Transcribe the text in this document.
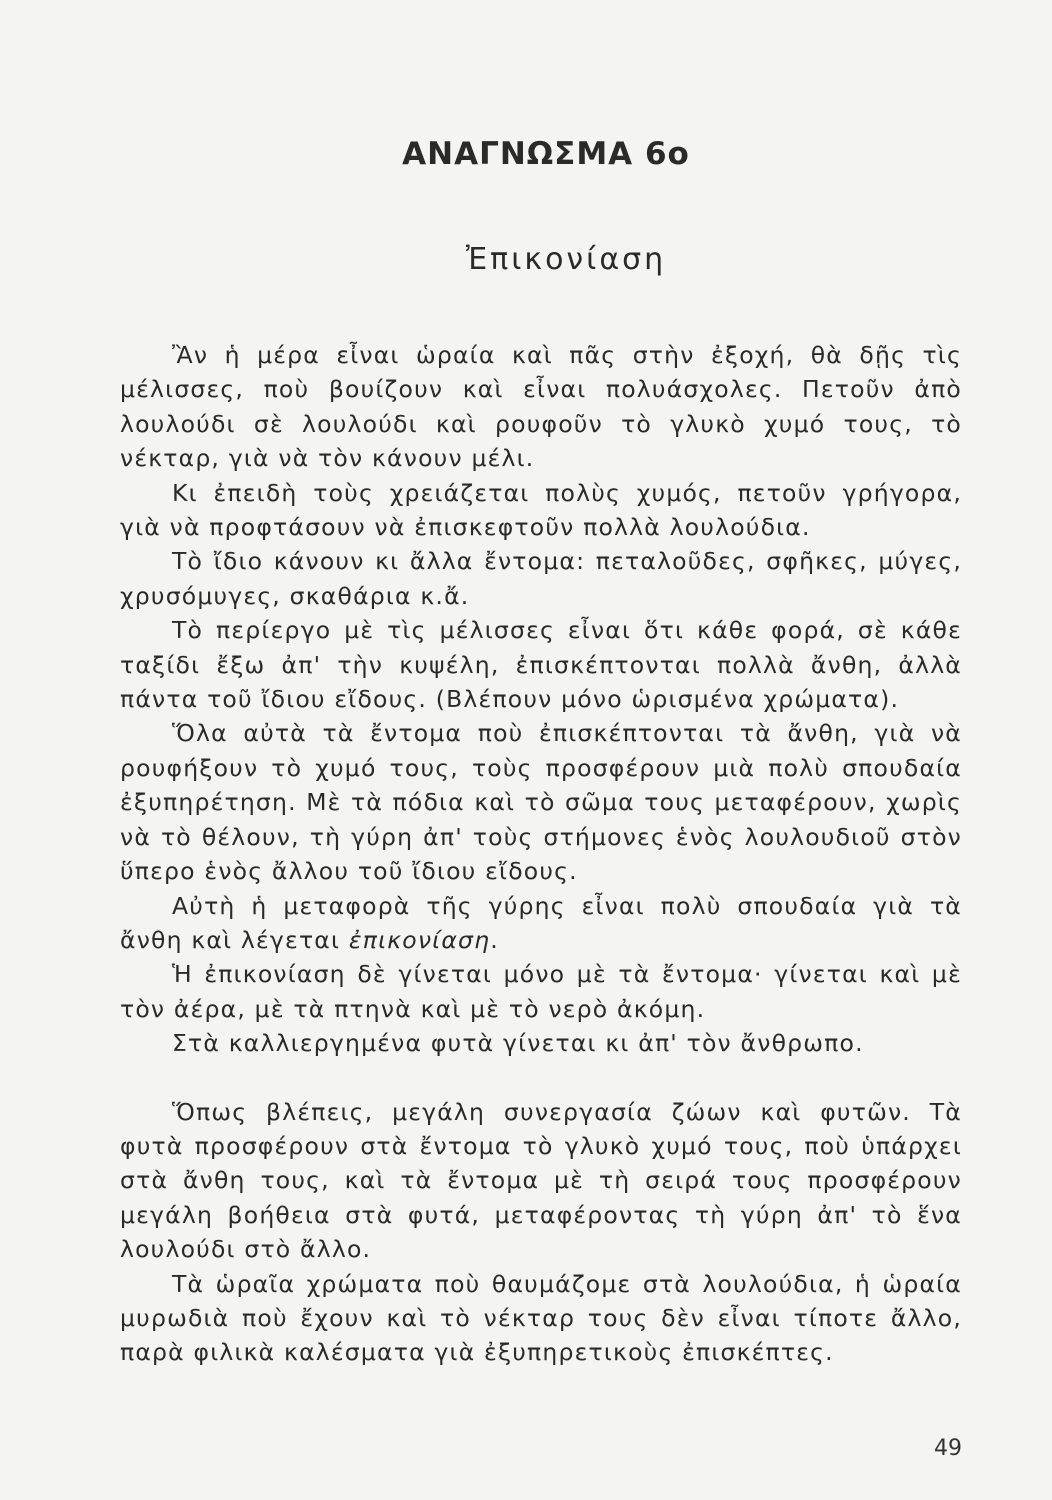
ΑΝΑΓΝΩΣΜΑ 6ο
Ἐπικονίαση

Ἂν ἡ μέρα εἶναι ὡραία καὶ πᾶς στὴν ἐξοχή, θὰ δῇς τὶς μέλισσες, ποὺ βουίζουν καὶ εἶναι πολυάσχολες. Πετοῦν ἀπὸ λουλούδι σὲ λουλούδι καὶ ρουφοῦν τὸ γλυκὸ χυμό τους, τὸ νέκταρ, γιὰ νὰ τὸν κάνουν μέλι.

Κι ἐπειδὴ τοὺς χρειάζεται πολὺς χυμός, πετοῦν γρήγορα, γιὰ νὰ προφτάσουν νὰ ἐπισκεφτοῦν πολλὰ λουλούδια.

Τὸ ἴδιο κάνουν κι ἄλλα ἔντομα: πεταλοῦδες, σφῆκες, μύγες, χρυσόμυγες, σκαθάρια κ.ἄ.

Τὸ περίεργο μὲ τὶς μέλισσες εἶναι ὅτι κάθε φορά, σὲ κάθε ταξίδι ἔξω ἀπ' τὴν κυψέλη, ἐπισκέπτονται πολλὰ ἄνθη, ἀλλὰ πάντα τοῦ ἴδιου εἴδους. (Βλέπουν μόνο ὡρισμένα χρώματα).

Ὅλα αὐτὰ τὰ ἔντομα ποὺ ἐπισκέπτονται τὰ ἄνθη, γιὰ νὰ ρουφήξουν τὸ χυμό τους, τοὺς προσφέρουν μιὰ πολὺ σπουδαία ἐξυπηρέτηση. Μὲ τὰ πόδια καὶ τὸ σῶμα τους μεταφέρουν, χωρὶς νὰ τὸ θέλουν, τὴ γύρη ἀπ' τοὺς στήμονες ἑνὸς λουλουδιοῦ στὸν ὕπερο ἑνὸς ἄλλου τοῦ ἴδιου εἴδους.

Αὐτὴ ἡ μεταφορὰ τῆς γύρης εἶναι πολὺ σπουδαία γιὰ τὰ ἄνθη καὶ λέγεται ἐπικονίαση.

Ἡ ἐπικονίαση δὲ γίνεται μόνο μὲ τὰ ἔντομα· γίνεται καὶ μὲ τὸν ἀέρα, μὲ τὰ πτηνὰ καὶ μὲ τὸ νερὸ ἀκόμη.

Στὰ καλλιεργημένα φυτὰ γίνεται κι ἀπ' τὸν ἄνθρωπο.

Ὅπως βλέπεις, μεγάλη συνεργασία ζώων καὶ φυτῶν. Τὰ φυτὰ προσφέρουν στὰ ἔντομα τὸ γλυκὸ χυμό τους, ποὺ ὑπάρχει στὰ ἄνθη τους, καὶ τὰ ἔντομα μὲ τὴ σειρά τους προσφέρουν μεγάλη βοήθεια στὰ φυτά, μεταφέροντας τὴ γύρη ἀπ' τὸ ἕνα λουλούδι στὸ ἄλλο.

Τὰ ὡραῖα χρώματα ποὺ θαυμάζομε στὰ λουλούδια, ἡ ὡραία μυρωδιὰ ποὺ ἔχουν καὶ τὸ νέκταρ τους δὲν εἶναι τίποτε ἄλλο, παρὰ φιλικὰ καλέσματα γιὰ ἐξυπηρετικοὺς ἐπισκέπτες.

49
